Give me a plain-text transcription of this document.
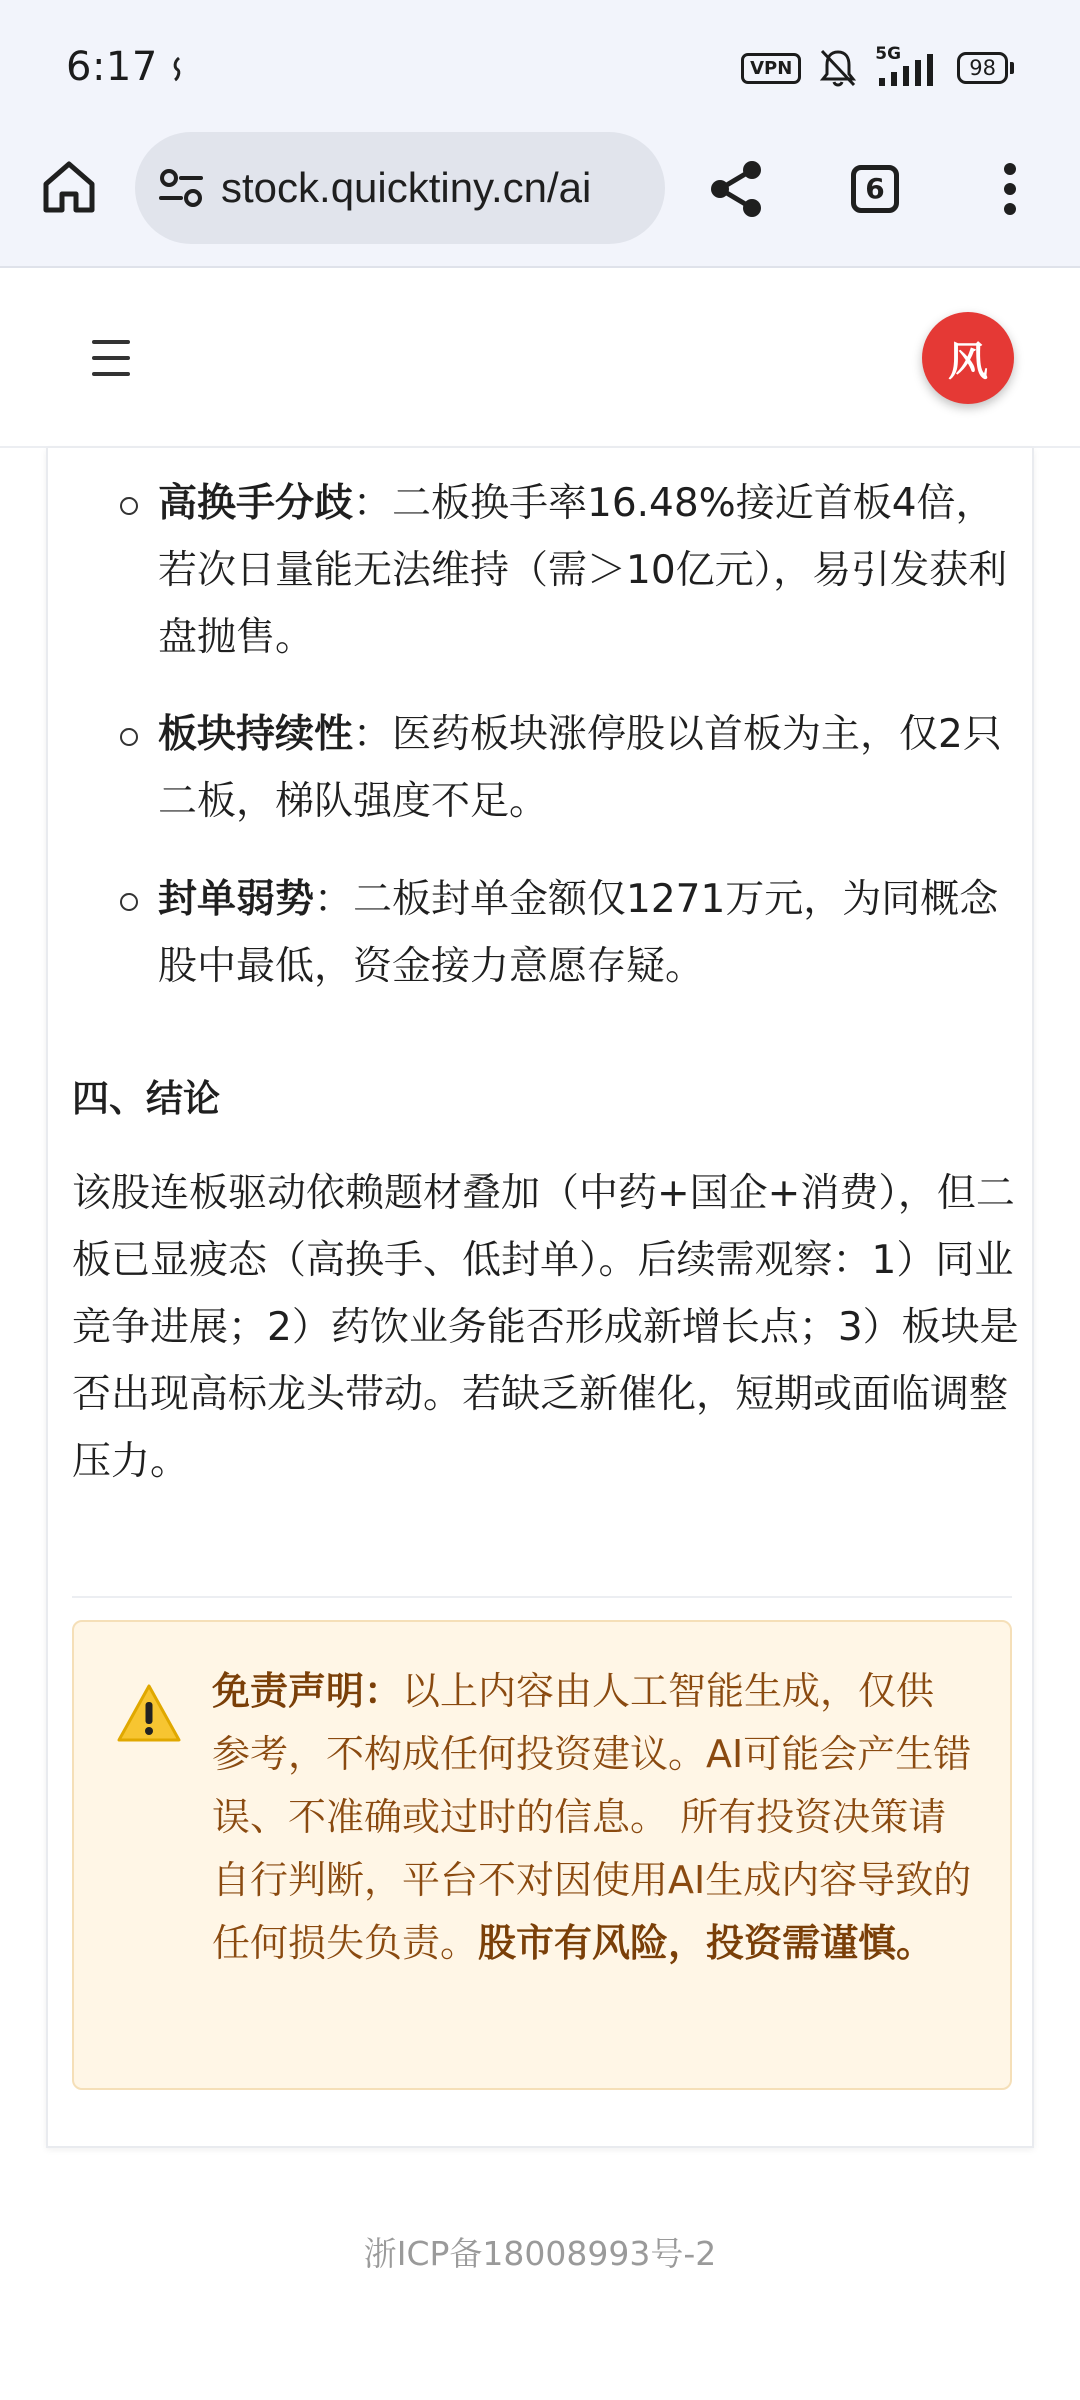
6:17	VPN
5G
98
stock.quicktiny.cn/ai	6
风
高换手分歧：二板换手率16.48%接近首板4倍，若次日量能无法维持（需＞10亿元），易引发获利盘抛售。
板块持续性：医药板块涨停股以首板为主，仅2只二板，梯队强度不足。
封单弱势：二板封单金额仅1271万元，为同概念股中最低，资金接力意愿存疑。
四、结论
该股连板驱动依赖题材叠加（中药+国企+消费），但二板已显疲态（高换手、低封单）。后续需观察：1）同业竞争进展；2）药饮业务能否形成新增长点；3）板块是否出现高标龙头带动。若缺乏新催化，短期或面临调整压力。
免责声明：以上内容由人工智能生成，仅供参考，不构成任何投资建议。AI可能会产生错误、不准确或过时的信息。 所有投资决策请自行判断，平台不对因使用AI生成内容导致的任何损失负责。股市有风险，投资需谨慎。
浙ICP备18008993号-2
